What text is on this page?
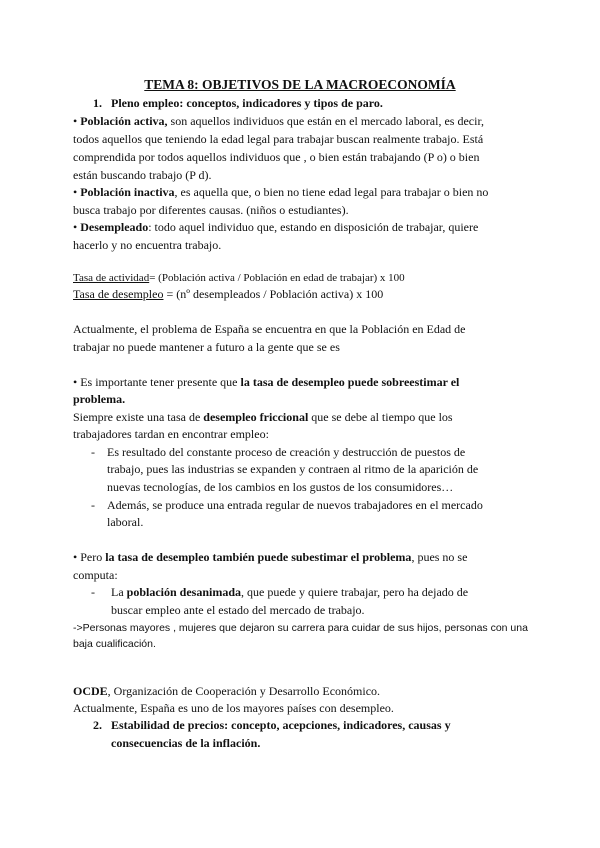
TEMA 8: OBJETIVOS DE LA MACROECONOMÍA
1.   Pleno empleo: conceptos, indicadores y tipos de paro.
• Población activa, son aquellos individuos que están en el mercado laboral, es decir,
todos aquellos que teniendo la edad legal para trabajar buscan realmente trabajo. Está
comprendida por todos aquellos individuos que , o bien están trabajando (P o) o bien
están buscando trabajo (P d).
• Población inactiva, es aquella que, o bien no tiene edad legal para trabajar o bien no
busca trabajo por diferentes causas. (niños o estudiantes).
• Desempleado: todo aquel individuo que, estando en disposición de trabajar, quiere
hacerlo y no encuentra trabajo.
Tasa de actividad= (Población activa / Población en edad de trabajar) x 100
Tasa de desempleo = (nº desempleados / Población activa) x 100
Actualmente, el problema de España se encuentra en que la Población en Edad de
trabajar no puede mantener a futuro a la gente que se es
• Es importante tener presente que la tasa de desempleo puede sobreestimar el
problema.
Siempre existe una tasa de desempleo friccional que se debe al tiempo que los
trabajadores tardan en encontrar empleo:
- Es resultado del constante proceso de creación y destrucción de puestos de
trabajo, pues las industrias se expanden y contraen al ritmo de la aparición de
nuevas tecnologías, de los cambios en los gustos de los consumidores…
- Además, se produce una entrada regular de nuevos trabajadores en el mercado
laboral.
• Pero la tasa de desempleo también puede subestimar el problema, pues no se
computa:
- La población desanimada, que puede y quiere trabajar, pero ha dejado de
buscar empleo ante el estado del mercado de trabajo.
->Personas mayores , mujeres que dejaron su carrera para cuidar de sus hijos, personas con una
baja cualificación.
OCDE, Organización de Cooperación y Desarrollo Económico.
Actualmente, España es uno de los mayores países con desempleo.
2.   Estabilidad de precios: concepto, acepciones, indicadores, causas y
consecuencias de la inflación.
